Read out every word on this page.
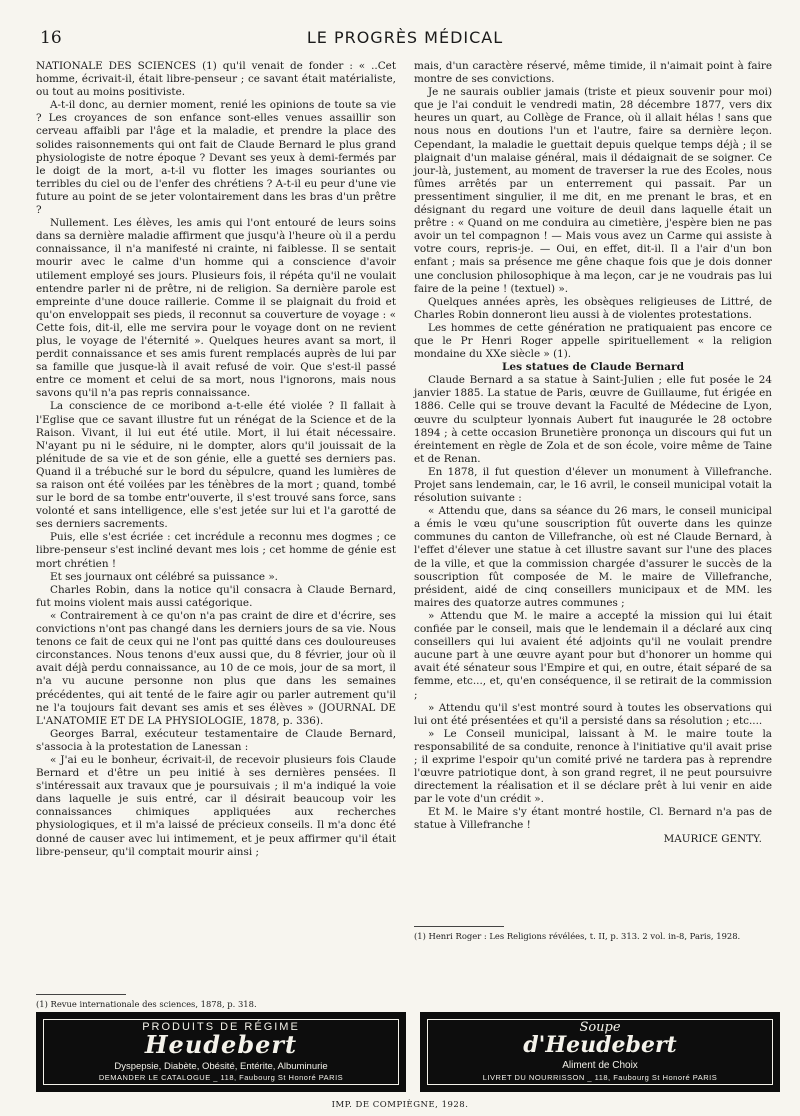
16	LE PROGRÈS MÉDICAL

NATIONALE DES SCIENCES (1) qu'il venait de fonder : « ..Cet homme, écrivait-il, était libre-penseur ; ce savant était matérialiste, ou tout au moins positiviste.

A-t-il donc, au dernier moment, renié les opinions de toute sa vie ? Les croyances de son enfance sont-elles venues assaillir son cerveau affaibli par l'âge et la maladie, et prendre la place des solides raisonnements qui ont fait de Claude Bernard le plus grand physiologiste de notre époque ? Devant ses yeux à demi-fermés par le doigt de la mort, a-t-il vu flotter les images souriantes ou terribles du ciel ou de l'enfer des chrétiens ? A-t-il eu peur d'une vie future au point de se jeter volontairement dans les bras d'un prêtre ?

Nullement. Les élèves, les amis qui l'ont entouré de leurs soins dans sa dernière maladie affirment que jusqu'à l'heure où il a perdu connaissance, il n'a manifesté ni crainte, ni faiblesse. Il se sentait mourir avec le calme d'un homme qui a conscience d'avoir utilement employé ses jours. Plusieurs fois, il répéta qu'il ne voulait entendre parler ni de prêtre, ni de religion. Sa dernière parole est empreinte d'une douce raillerie. Comme il se plaignait du froid et qu'on enveloppait ses pieds, il reconnut sa couverture de voyage : « Cette fois, dit-il, elle me servira pour le voyage dont on ne revient plus, le voyage de l'éternité ». Quelques heures avant sa mort, il perdit connaissance et ses amis furent remplacés auprès de lui par sa famille que jusque-là il avait refusé de voir. Que s'est-il passé entre ce moment et celui de sa mort, nous l'ignorons, mais nous savons qu'il n'a pas repris connaissance.

La conscience de ce moribond a-t-elle été violée ? Il fallait à l'Eglise que ce savant illustre fut un rénégat de la Science et de la Raison. Vivant, il lui eut été utile. Mort, il lui était nécessaire. N'ayant pu ni le séduire, ni le dompter, alors qu'il jouissait de la plénitude de sa vie et de son génie, elle a guetté ses derniers pas. Quand il a trébuché sur le bord du sépulcre, quand les lumières de sa raison ont été voilées par les ténèbres de la mort ; quand, tombé sur le bord de sa tombe entr'ouverte, il s'est trouvé sans force, sans volonté et sans intelligence, elle s'est jetée sur lui et l'a garotté de ses derniers sacrements.

Puis, elle s'est écriée : cet incrédule a reconnu mes dogmes ; ce libre-penseur s'est incliné devant mes lois ; cet homme de génie est mort chrétien !

Et ses journaux ont célébré sa puissance ».

Charles Robin, dans la notice qu'il consacra à Claude Bernard, fut moins violent mais aussi catégorique.

« Contrairement à ce qu'on n'a pas craint de dire et d'écrire, ses convictions n'ont pas changé dans les derniers jours de sa vie. Nous tenons ce fait de ceux qui ne l'ont pas quitté dans ces douloureuses circonstances. Nous tenons d'eux aussi que, du 8 février, jour où il avait déjà perdu connaissance, au 10 de ce mois, jour de sa mort, il n'a vu aucune personne non plus que dans les semaines précédentes, qui ait tenté de le faire agir ou parler autrement qu'il ne l'a toujours fait devant ses amis et ses élèves » (JOURNAL DE L'ANATOMIE ET DE LA PHYSIOLOGIE, 1878, p. 336).

Georges Barral, exécuteur testamentaire de Claude Bernard, s'associa à la protestation de Lanessan :

« J'ai eu le bonheur, écrivait-il, de recevoir plusieurs fois Claude Bernard et d'être un peu initié à ses dernières pensées. Il s'intéressait aux travaux que je poursuivais ; il m'a indiqué la voie dans laquelle je suis entré, car il désirait beaucoup voir les connaissances chimiques appliquées aux recherches physiologiques, et il m'a laissé de précieux conseils. Il m'a donc été donné de causer avec lui intimement, et je peux affirmer qu'il était libre-penseur, qu'il comptait mourir ainsi ;

mais, d'un caractère réservé, même timide, il n'aimait point à faire montre de ses convictions.

Je ne saurais oublier jamais (triste et pieux souvenir pour moi) que je l'ai conduit le vendredi matin, 28 décembre 1877, vers dix heures un quart, au Collège de France, où il allait hélas ! sans que nous nous en doutions l'un et l'autre, faire sa dernière leçon. Cependant, la maladie le guettait depuis quelque temps déjà ; il se plaignait d'un malaise général, mais il dédaignait de se soigner. Ce jour-là, justement, au moment de traverser la rue des Ecoles, nous fûmes arrêtés par un enterrement qui passait. Par un pressentiment singulier, il me dit, en me prenant le bras, et en désignant du regard une voiture de deuil dans laquelle était un prêtre : « Quand on me conduira au cimetière, j'espère bien ne pas avoir un tel compagnon ! — Mais vous avez un Carme qui assiste à votre cours, repris-je. — Oui, en effet, dit-il. Il a l'air d'un bon enfant ; mais sa présence me gêne chaque fois que je dois donner une conclusion philosophique à ma leçon, car je ne voudrais pas lui faire de la peine ! (textuel) ».

Quelques années après, les obsèques religieuses de Littré, de Charles Robin donneront lieu aussi à de violentes protestations.

Les hommes de cette génération ne pratiquaient pas encore ce que le Pr Henri Roger appelle spirituellement « la religion mondaine du XXe siècle » (1).

Les statues de Claude Bernard

Claude Bernard a sa statue à Saint-Julien ; elle fut posée le 24 janvier 1885. La statue de Paris, œuvre de Guillaume, fut érigée en 1886. Celle qui se trouve devant la Faculté de Médecine de Lyon, œuvre du sculpteur lyonnais Aubert fut inaugurée le 28 octobre 1894 ; à cette occasion Brunetière prononça un discours qui fut un éreintement en règle de Zola et de son école, voire même de Taine et de Renan.

En 1878, il fut question d'élever un monument à Villefranche. Projet sans lendemain, car, le 16 avril, le conseil municipal votait la résolution suivante :

« Attendu que, dans sa séance du 26 mars, le conseil municipal a émis le vœu qu'une souscription fût ouverte dans les quinze communes du canton de Villefranche, où est né Claude Bernard, à l'effet d'élever une statue à cet illustre savant sur l'une des places de la ville, et que la commission chargée d'assurer le succès de la souscription fût composée de M. le maire de Villefranche, président, aidé de cinq conseillers municipaux et de MM. les maires des quatorze autres communes ;

» Attendu que M. le maire a accepté la mission qui lui était confiée par le conseil, mais que le lendemain il a déclaré aux cinq conseillers qui lui avaient été adjoints qu'il ne voulait prendre aucune part à une œuvre ayant pour but d'honorer un homme qui avait été sénateur sous l'Empire et qui, en outre, était séparé de sa femme, etc..., et, qu'en conséquence, il se retirait de la commission ;

» Attendu qu'il s'est montré sourd à toutes les observations qui lui ont été présentées et qu'il a persisté dans sa résolution ; etc....

» Le Conseil municipal, laissant à M. le maire toute la responsabilité de sa conduite, renonce à l'initiative qu'il avait prise ; il exprime l'espoir qu'un comité privé ne tardera pas à reprendre l'œuvre patriotique dont, à son grand regret, il ne peut poursuivre directement la réalisation et il se déclare prêt à lui venir en aide par le vote d'un crédit ».

Et M. le Maire s'y étant montré hostile, Cl. Bernard n'a pas de statue à Villefranche !

MAURICE GENTY.

(1) Revue internationale des sciences, 1878, p. 318.
(1) Henri Roger : Les Religions révélées, t. II, p. 313. 2 vol. in-8, Paris, 1928.
PRODUITS DE RÉGIME
Heudebert
Dyspepsie, Diabète, Obésité, Entérite, Albuminurie
DEMANDER LE CATALOGUE _ 118, Faubourg St Honoré PARIS
Soupe
d'Heudebert
Aliment de Choix
LIVRET DU NOURRISSON _ 118, Faubourg St Honoré PARIS
IMP. DE COMPIÈGNE, 1928.
